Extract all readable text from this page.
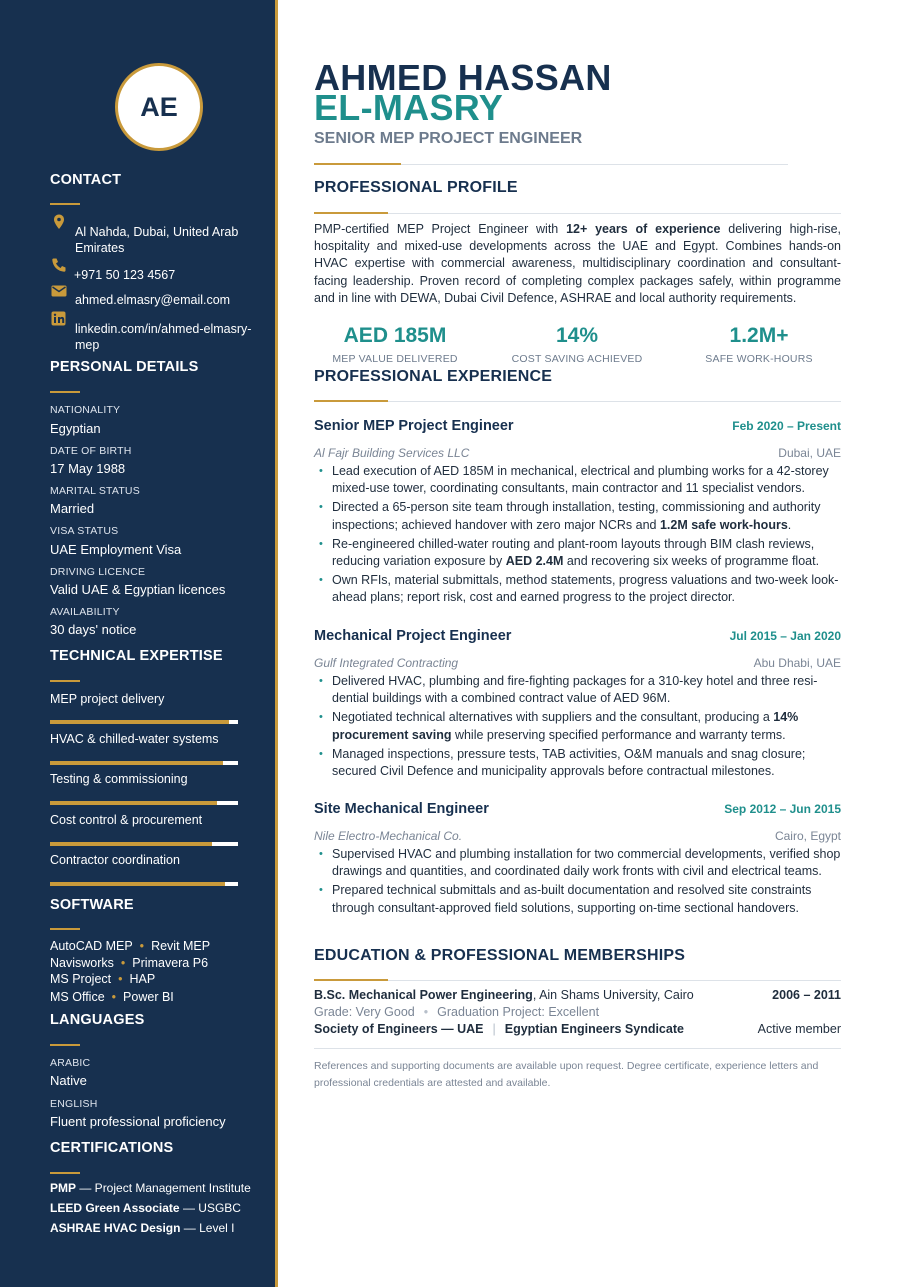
AE
CONTACT
Al Nahda, Dubai, United Arab Emirates
+971 50 123 4567
ahmed.elmasry@email.com
linkedin.com/in/ahmed-elmasry-mep
PERSONAL DETAILS
NATIONALITY
Egyptian
DATE OF BIRTH
17 May 1988
MARITAL STATUS
Married
VISA STATUS
UAE Employment Visa
DRIVING LICENCE
Valid UAE & Egyptian licences
AVAILABILITY
30 days' notice
TECHNICAL EXPERTISE
MEP project delivery
HVAC & chilled-water systems
Testing & commissioning
Cost control & procurement
Contractor coordination
SOFTWARE
AutoCAD MEP • Revit MEP
Navisworks • Primavera P6
MS Project • HAP
MS Office • Power BI
LANGUAGES
ARABIC
Native
ENGLISH
Fluent professional proficiency
CERTIFICATIONS
PMP — Project Management Institute
LEED Green Associate — USGBC
ASHRAE HVAC Design — Level I
AHMED HASSAN
EL-MASRY
SENIOR MEP PROJECT ENGINEER
PROFESSIONAL PROFILE
PMP-certified MEP Project Engineer with 12+ years of experience delivering high-rise, hospitality and mixed-use developments across the UAE and Egypt. Combines hands-on HVAC expertise with commercial awareness, multidisciplinary coordination and consultant-facing leadership. Proven record of completing complex packages safely, within programme and in line with DEWA, Dubai Civil Defence, ASHRAE and local authority requirements.
AED 185M
MEP VALUE DELIVERED
14%
COST SAVING ACHIEVED
1.2M+
SAFE WORK-HOURS
PROFESSIONAL EXPERIENCE
Senior MEP Project Engineer	Feb 2020 – Present
Al Fajr Building Services LLC	Dubai, UAE
• Lead execution of AED 185M in mechanical, electrical and plumbing works for a 42-storey mixed-use tower, coordinating consultants, main contractor and 11 specialist vendors.
• Directed a 65-person site team through installation, testing, commissioning and authority inspections; achieved handover with zero major NCRs and 1.2M safe work-hours.
• Re-engineered chilled-water routing and plant-room layouts through BIM clash reviews, reducing variation exposure by AED 2.4M and recovering six weeks of programme float.
• Own RFIs, material submittals, method statements, progress valuations and two-week look-ahead plans; report risk, cost and earned progress to the project director.
Mechanical Project Engineer	Jul 2015 – Jan 2020
Gulf Integrated Contracting	Abu Dhabi, UAE
• Delivered HVAC, plumbing and fire-fighting packages for a 310-key hotel and three resi-dential buildings with a combined contract value of AED 96M.
• Negotiated technical alternatives with suppliers and the consultant, producing a 14% procurement saving while preserving specified performance and warranty terms.
• Managed inspections, pressure tests, TAB activities, O&M manuals and snag closure; secured Civil Defence and municipality approvals before contractual milestones.
Site Mechanical Engineer	Sep 2012 – Jun 2015
Nile Electro-Mechanical Co.	Cairo, Egypt
• Supervised HVAC and plumbing installation for two commercial developments, verified shop drawings and quantities, and coordinated daily work fronts with civil and electrical teams.
• Prepared technical submittals and as-built documentation and resolved site constraints through consultant-approved field solutions, supporting on-time sectional handovers.
EDUCATION & PROFESSIONAL MEMBERSHIPS
B.Sc. Mechanical Power Engineering, Ain Shams University, Cairo	2006 – 2011
Grade: Very Good • Graduation Project: Excellent
Society of Engineers — UAE | Egyptian Engineers Syndicate	Active member
References and supporting documents are available upon request. Degree certificate, experience letters and professional credentials are attested and available.
